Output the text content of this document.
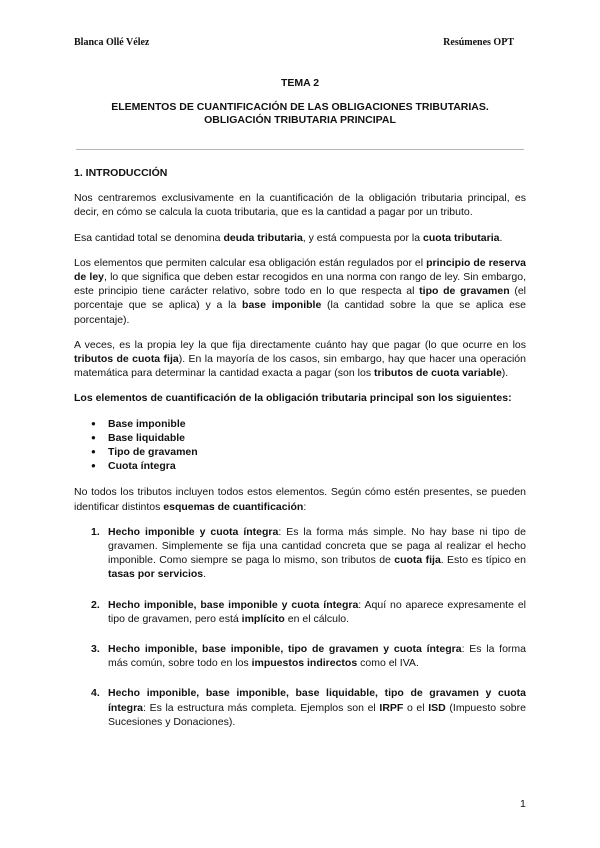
Blanca Ollé Vélez	Resúmenes OPT
TEMA 2
ELEMENTOS DE CUANTIFICACIÓN DE LAS OBLIGACIONES TRIBUTARIAS.
OBLIGACIÓN TRIBUTARIA PRINCIPAL
1. INTRODUCCIÓN

Nos centraremos exclusivamente en la cuantificación de la obligación tributaria principal, es decir, en cómo se calcula la cuota tributaria, que es la cantidad a pagar por un tributo.

Esa cantidad total se denomina deuda tributaria, y está compuesta por la cuota tributaria.

Los elementos que permiten calcular esa obligación están regulados por el principio de reserva de ley, lo que significa que deben estar recogidos en una norma con rango de ley. Sin embargo, este principio tiene carácter relativo, sobre todo en lo que respecta al tipo de gravamen (el porcentaje que se aplica) y a la base imponible (la cantidad sobre la que se aplica ese porcentaje).

A veces, es la propia ley la que fija directamente cuánto hay que pagar (lo que ocurre en los tributos de cuota fija). En la mayoría de los casos, sin embargo, hay que hacer una operación matemática para determinar la cantidad exacta a pagar (son los tributos de cuota variable).

Los elementos de cuantificación de la obligación tributaria principal son los siguientes:

● Base imponible
● Base liquidable
● Tipo de gravamen
● Cuota íntegra

No todos los tributos incluyen todos estos elementos. Según cómo estén presentes, se pueden identificar distintos esquemas de cuantificación:

1. Hecho imponible y cuota íntegra: Es la forma más simple. No hay base ni tipo de gravamen. Simplemente se fija una cantidad concreta que se paga al realizar el hecho imponible. Como siempre se paga lo mismo, son tributos de cuota fija. Esto es típico en tasas por servicios.
2. Hecho imponible, base imponible y cuota íntegra: Aquí no aparece expresamente el tipo de gravamen, pero está implícito en el cálculo.
3. Hecho imponible, base imponible, tipo de gravamen y cuota íntegra: Es la forma más común, sobre todo en los impuestos indirectos como el IVA.
4. Hecho imponible, base imponible, base liquidable, tipo de gravamen y cuota íntegra: Es la estructura más completa. Ejemplos son el IRPF o el ISD (Impuesto sobre Sucesiones y Donaciones).
1
